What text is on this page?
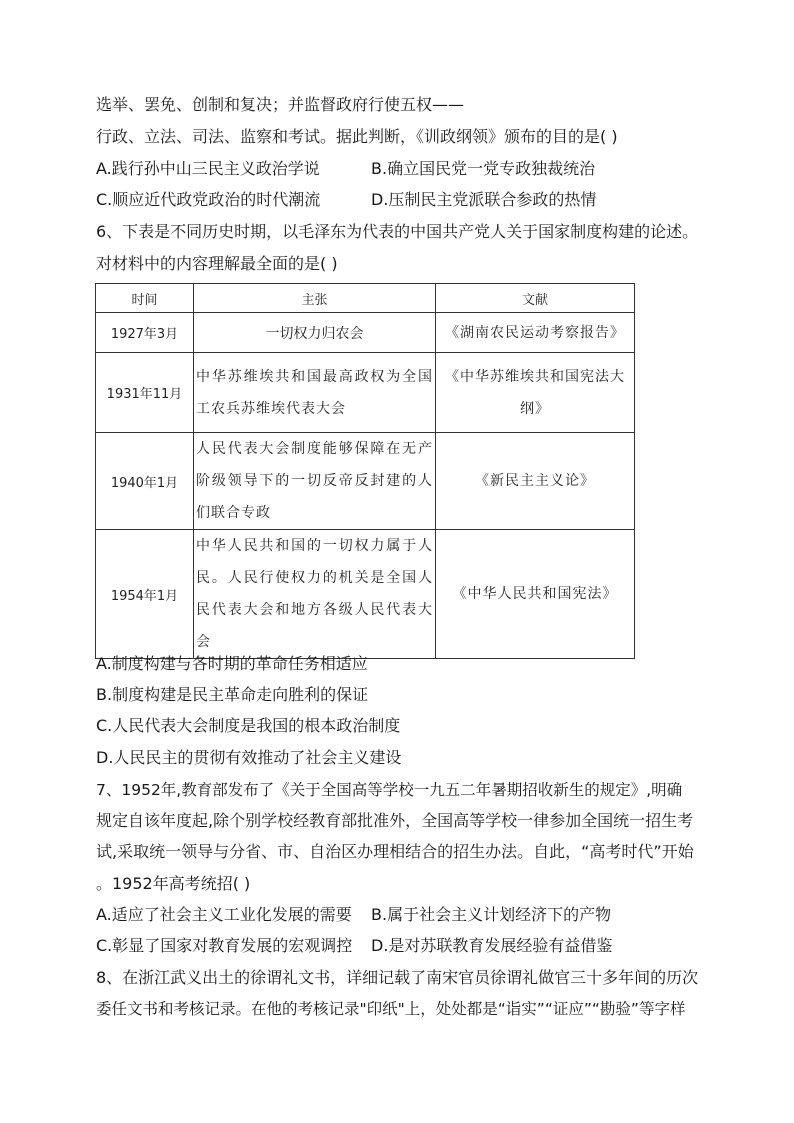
选举、罢免、创制和复决；并监督政府行使五权——
行政、立法、司法、监察和考试。据此判断，《训政纲领》颁布的目的是( )
A.践行孙中山三民主义政治学说	B.确立国民党一党专政独裁统治
C.顺应近代政党政治的时代潮流	D.压制民主党派联合参政的热情
6、下表是不同历史时期，以毛泽东为代表的中国共产党人关于国家制度构建的论述。
对材料中的内容理解最全面的是( )
时间	主张	文献
1927年3月	一切权力归农会	《湖南农民运动考察报告》
1931年11月	中华苏维埃共和国最高政权为全国工农兵苏维埃代表大会	《中华苏维埃共和国宪法大纲》
1940年1月	人民代表大会制度能够保障在无产阶级领导下的一切反帝反封建的人们联合专政	《新民主主义论》
1954年1月	中华人民共和国的一切权力属于人民。人民行使权力的机关是全国人民代表大会和地方各级人民代表大会	《中华人民共和国宪法》
A.制度构建与各时期的革命任务相适应
B.制度构建是民主革命走向胜利的保证
C.人民代表大会制度是我国的根本政治制度
D.人民民主的贯彻有效推动了社会主义建设
7、1952年,教育部发布了《关于全国高等学校一九五二年暑期招收新生的规定》,明确
规定自该年度起,除个别学校经教育部批准外，全国高等学校一律参加全国统一招生考
试,采取统一领导与分省、市、自治区办理相结合的招生办法。自此，“高考时代”开始
。1952年高考统招( )
A.适应了社会主义工业化发展的需要 B.属于社会主义计划经济下的产物
C.彰显了国家对教育发展的宏观调控 D.是对苏联教育发展经验有益借鉴
8、在浙江武义出土的徐谓礼文书，详细记载了南宋官员徐谓礼做官三十多年间的历次
委任文书和考核记录。在他的考核记录"印纸"上，处处都是“诣实”“证应”“勘验”等字样
